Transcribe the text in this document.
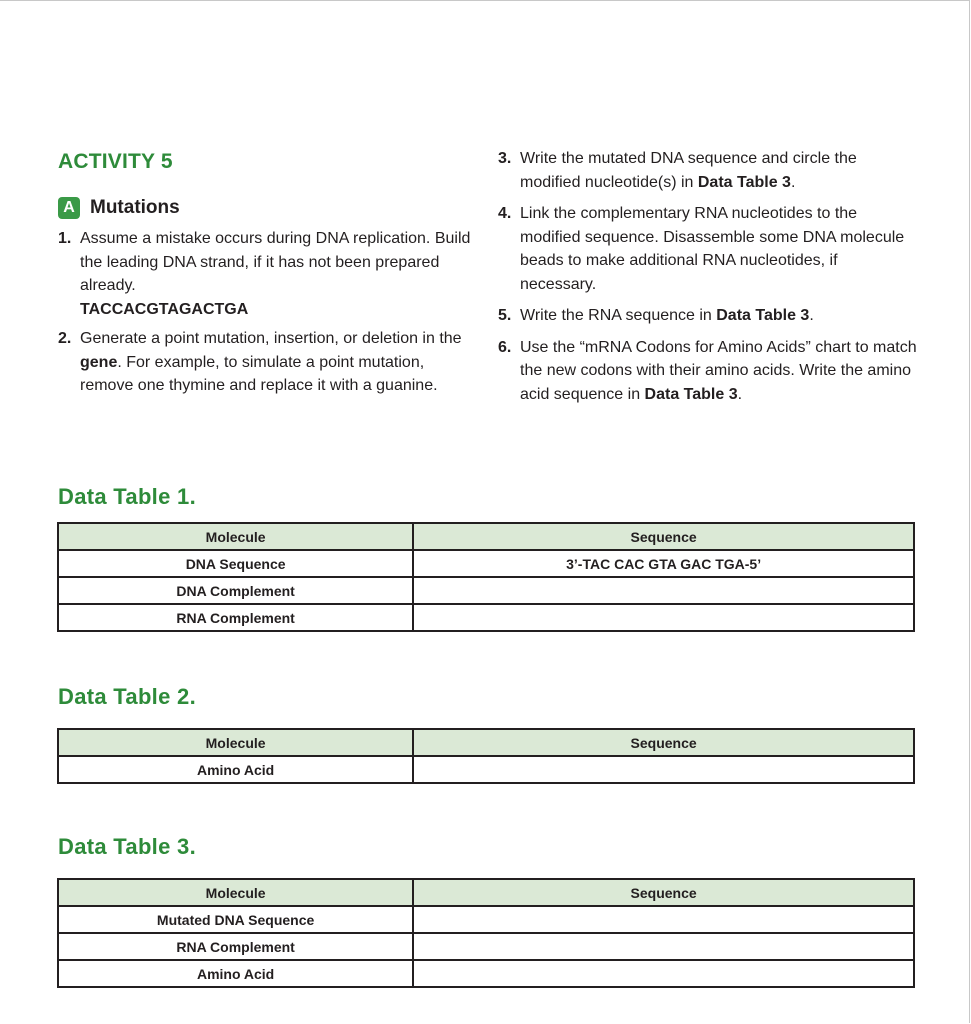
ACTIVITY 5
A Mutations
1. Assume a mistake occurs during DNA replication. Build the leading DNA strand, if it has not been prepared already.
TACCACGTAGACTGA
2. Generate a point mutation, insertion, or deletion in the gene. For example, to simulate a point mutation, remove one thymine and replace it with a guanine.
3. Write the mutated DNA sequence and circle the modified nucleotide(s) in Data Table 3.
4. Link the complementary RNA nucleotides to the modified sequence. Disassemble some DNA molecule beads to make additional RNA nucleotides, if necessary.
5. Write the RNA sequence in Data Table 3.
6. Use the “mRNA Codons for Amino Acids” chart to match the new codons with their amino acids. Write the amino acid sequence in Data Table 3.
Data Table 1.
Molecule	Sequence
DNA Sequence	3’-TAC CAC GTA GAC TGA-5’
DNA Complement	
RNA Complement	
Data Table 2.
Molecule	Sequence
Amino Acid	
Data Table 3.
Molecule	Sequence
Mutated DNA Sequence	
RNA Complement	
Amino Acid	
